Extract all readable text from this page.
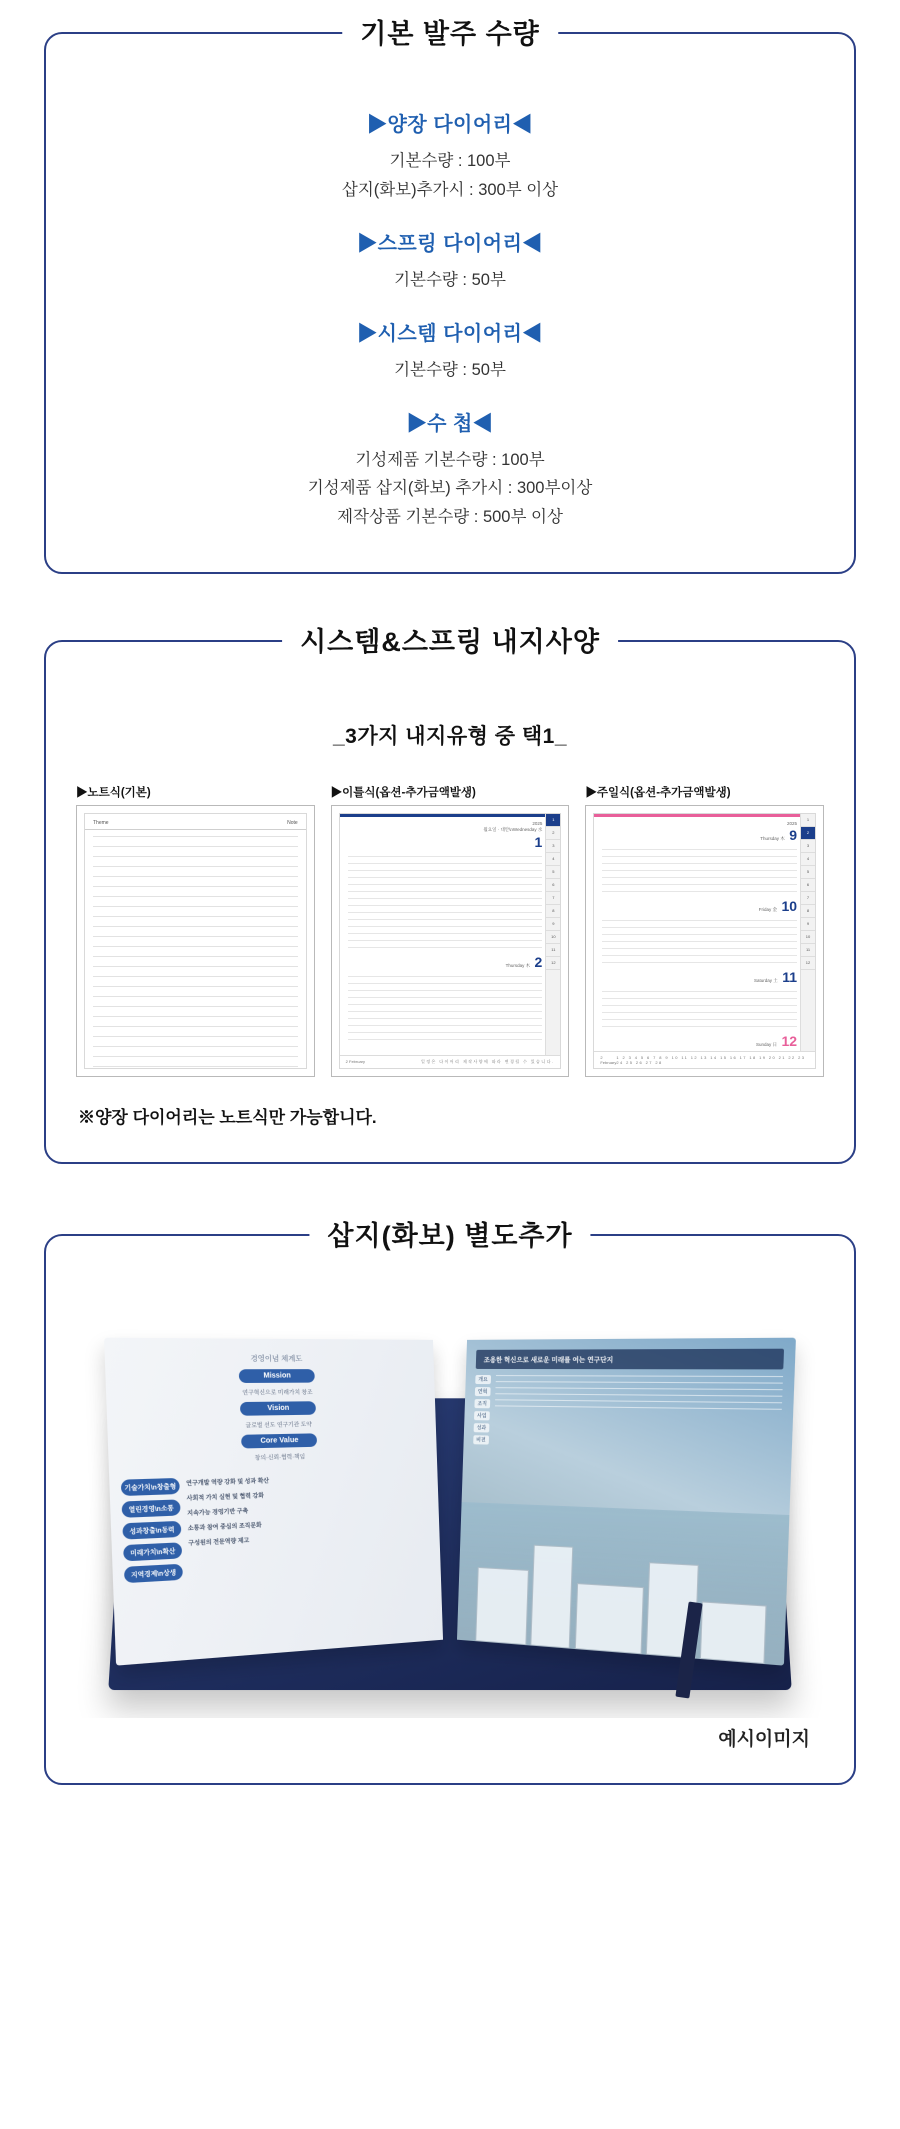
기본 발주 수량
▶양장 다이어리◀
기본수량 : 100부
삽지(화보)추가시 : 300부 이상
▶스프링 다이어리◀
기본수량 : 50부
▶시스템 다이어리◀
기본수량 : 50부
▶수 첩◀
기성제품 기본수량 : 100부
기성제품 삽지(화보) 추가시 : 300부이상
제작상품 기본수량 : 500부 이상
시스템&스프링 내지사양
_3가지 내지유형 중 택1_
▶노트식(기본)
Theme	Note
▶이틀식(옵션-추가금액발생)
2025
월요일 · 대안\nWednesday 水
1
Thursday 木 2
1
2
3
4
5
6
7
8
9
10
11
12
2 February	일정은 다이어리 제작사양에 따라 변경될 수 있습니다.
▶주일식(옵션-추가금액발생)
2025
Thursday 木 9
Friday 金 10
Saturday 土 11
Sunday 日 12
1
2
3
4
5
6
7
8
9
10
11
12
2 February
1 2 3 4 5 6 7 8 9 10 11 12 13 14 15 16 17 18 19 20 21 22 23 24 25 26 27 28
※양장 다이어리는 노트식만 가능합니다.
삽지(화보) 별도추가
경영이념 체계도
Mission
연구혁신으로 미래가치 창조
Vision
글로벌 선도 연구기관 도약
Core Value
창의·신뢰·협력·책임
기술가치\n창출형
열린경영\n소통
성과창출\n동력
미래가치\n확산
지역경제\n상생
연구개발 역량 강화 및 성과 확산
사회적 가치 실현 및 협력 강화
지속가능 경영기반 구축
소통과 참여 중심의 조직문화
구성원의 전문역량 제고
조용한 혁신으로 새로운 미래를 여는 연구단지
개요
연혁
조직
사업
성과
비전
예시이미지
